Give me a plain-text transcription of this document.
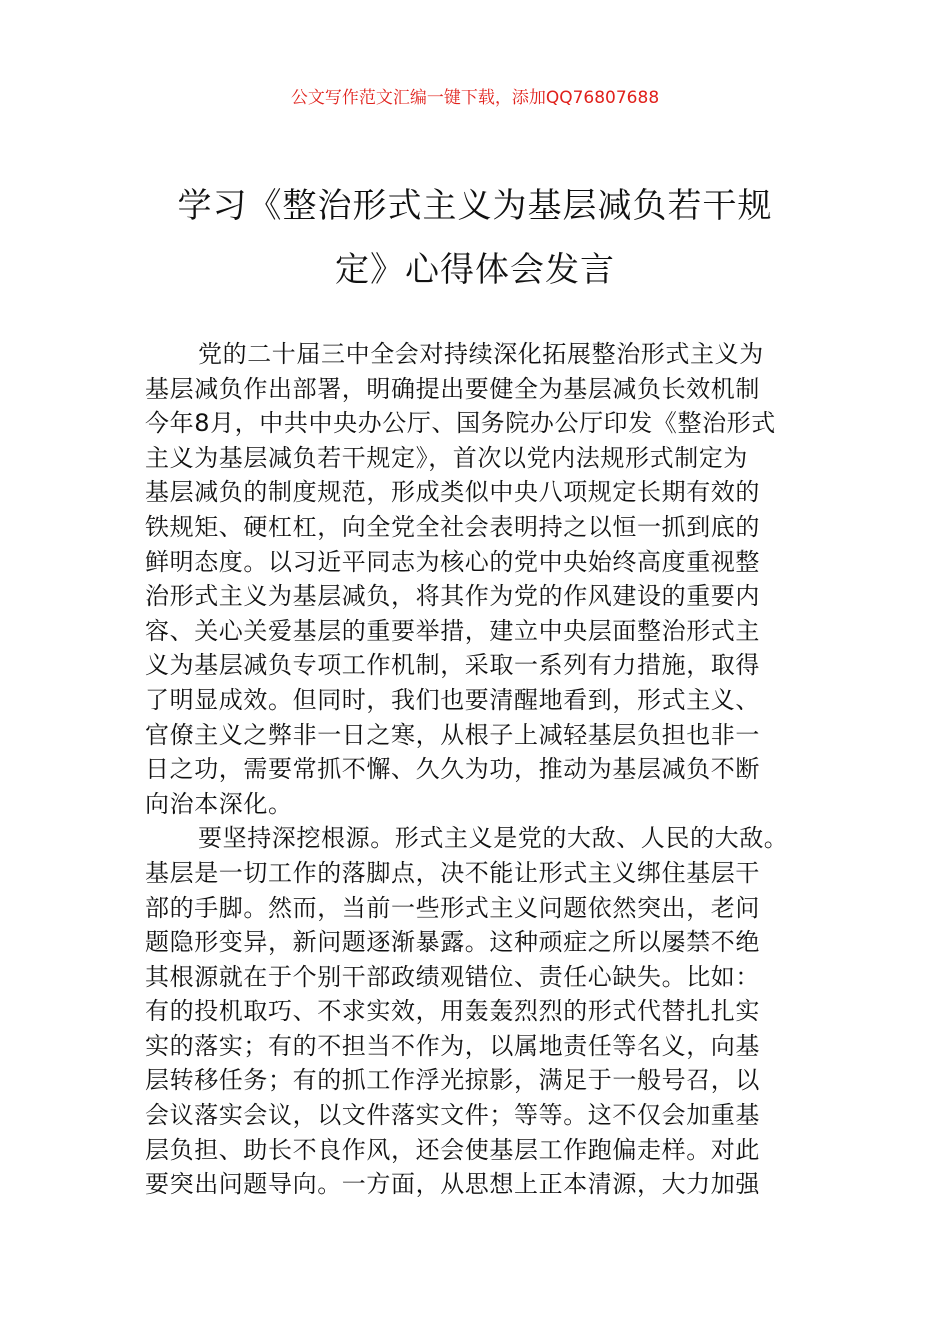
公文写作范文汇编一键下载，添加QQ76807688
学习《整治形式主义为基层减负若干规
定》心得体会发言
党的二十届三中全会对持续深化拓展整治形式主义为
基层减负作出部署，明确提出要健全为基层减负长效机制
今年8月，中共中央办公厅、国务院办公厅印发《整治形式
主义为基层减负若干规定》，首次以党内法规形式制定为
基层减负的制度规范，形成类似中央八项规定长期有效的
铁规矩、硬杠杠，向全党全社会表明持之以恒一抓到底的
鲜明态度。以习近平同志为核心的党中央始终高度重视整
治形式主义为基层减负，将其作为党的作风建设的重要内
容、关心关爱基层的重要举措，建立中央层面整治形式主
义为基层减负专项工作机制，采取一系列有力措施，取得
了明显成效。但同时，我们也要清醒地看到，形式主义、
官僚主义之弊非一日之寒，从根子上减轻基层负担也非一
日之功，需要常抓不懈、久久为功，推动为基层减负不断
向治本深化。
要坚持深挖根源。形式主义是党的大敌、人民的大敌。
基层是一切工作的落脚点，决不能让形式主义绑住基层干
部的手脚。然而，当前一些形式主义问题依然突出，老问
题隐形变异，新问题逐渐暴露。这种顽症之所以屡禁不绝
其根源就在于个别干部政绩观错位、责任心缺失。比如：
有的投机取巧、不求实效，用轰轰烈烈的形式代替扎扎实
实的落实；有的不担当不作为，以属地责任等名义，向基
层转移任务；有的抓工作浮光掠影，满足于一般号召，以
会议落实会议，以文件落实文件；等等。这不仅会加重基
层负担、助长不良作风，还会使基层工作跑偏走样。对此
要突出问题导向。一方面，从思想上正本清源，大力加强
